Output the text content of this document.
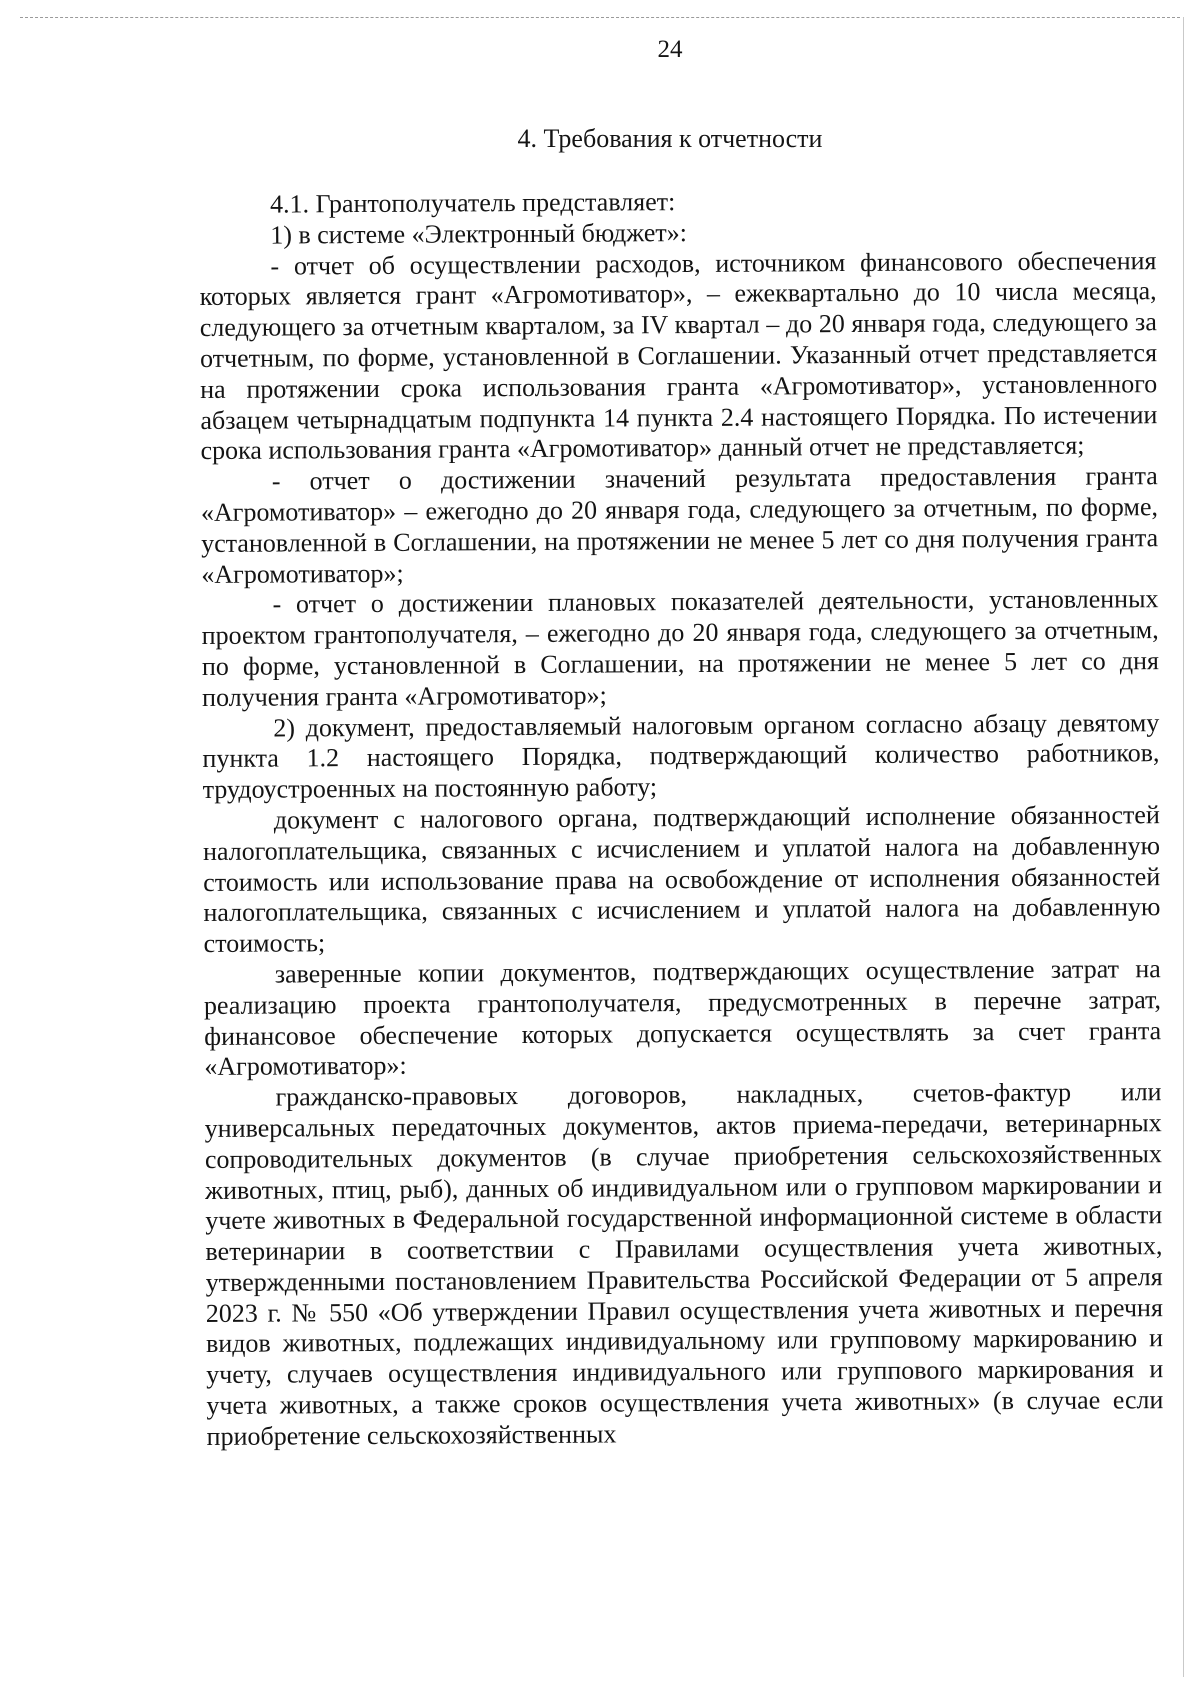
24
4. Требования к отчетности

4.1. Грантополучатель представляет:

1) в системе «Электронный бюджет»:

- отчет об осуществлении расходов, источником финансового обеспечения которых является грант «Агромотиватор», – ежеквартально до 10 числа месяца, следующего за отчетным кварталом, за IV квартал – до 20 января года, следующего за отчетным, по форме, установленной в Соглашении. Указанный отчет представляется на протяжении срока использования гранта «Агромотиватор», установленного абзацем четырнадцатым подпункта 14 пункта 2.4 настоящего Порядка. По истечении срока использования гранта «Агромотиватор» данный отчет не представляется;

- отчет о достижении значений результата предоставления гранта «Агромотиватор» – ежегодно до 20 января года, следующего за отчетным, по форме, установленной в Соглашении, на протяжении не менее 5 лет со дня получения гранта «Агромотиватор»;

- отчет о достижении плановых показателей деятельности, установленных проектом грантополучателя, – ежегодно до 20 января года, следующего за отчетным, по форме, установленной в Соглашении, на протяжении не менее 5 лет со дня получения гранта «Агромотиватор»;

2) документ, предоставляемый налоговым органом согласно абзацу девятому пункта 1.2 настоящего Порядка, подтверждающий количество работников, трудоустроенных на постоянную работу;

документ с налогового органа, подтверждающий исполнение обязанностей налогоплательщика, связанных с исчислением и уплатой налога на добавленную стоимость или использование права на освобождение от исполнения обязанностей налогоплательщика, связанных с исчислением и уплатой налога на добавленную стоимость;

заверенные копии документов, подтверждающих осуществление затрат на реализацию проекта грантополучателя, предусмотренных в перечне затрат, финансовое обеспечение которых допускается осуществлять за счет гранта «Агромотиватор»:

гражданско-правовых договоров, накладных, счетов-фактур или универсальных передаточных документов, актов приема-передачи, ветеринарных сопроводительных документов (в случае приобретения сельскохозяйственных животных, птиц, рыб), данных об индивидуальном или о групповом маркировании и учете животных в Федеральной государственной информационной системе в области ветеринарии в соответствии с Правилами осуществления учета животных, утвержденными постановлением Правительства Российской Федерации от 5 апреля 2023 г. № 550 «Об утверждении Правил осуществления учета животных и перечня видов животных, подлежащих индивидуальному или групповому маркированию и учету, случаев осуществления индивидуального или группового маркирования и учета животных, а также сроков осуществления учета животных» (в случае если приобретение сельскохозяйственных
